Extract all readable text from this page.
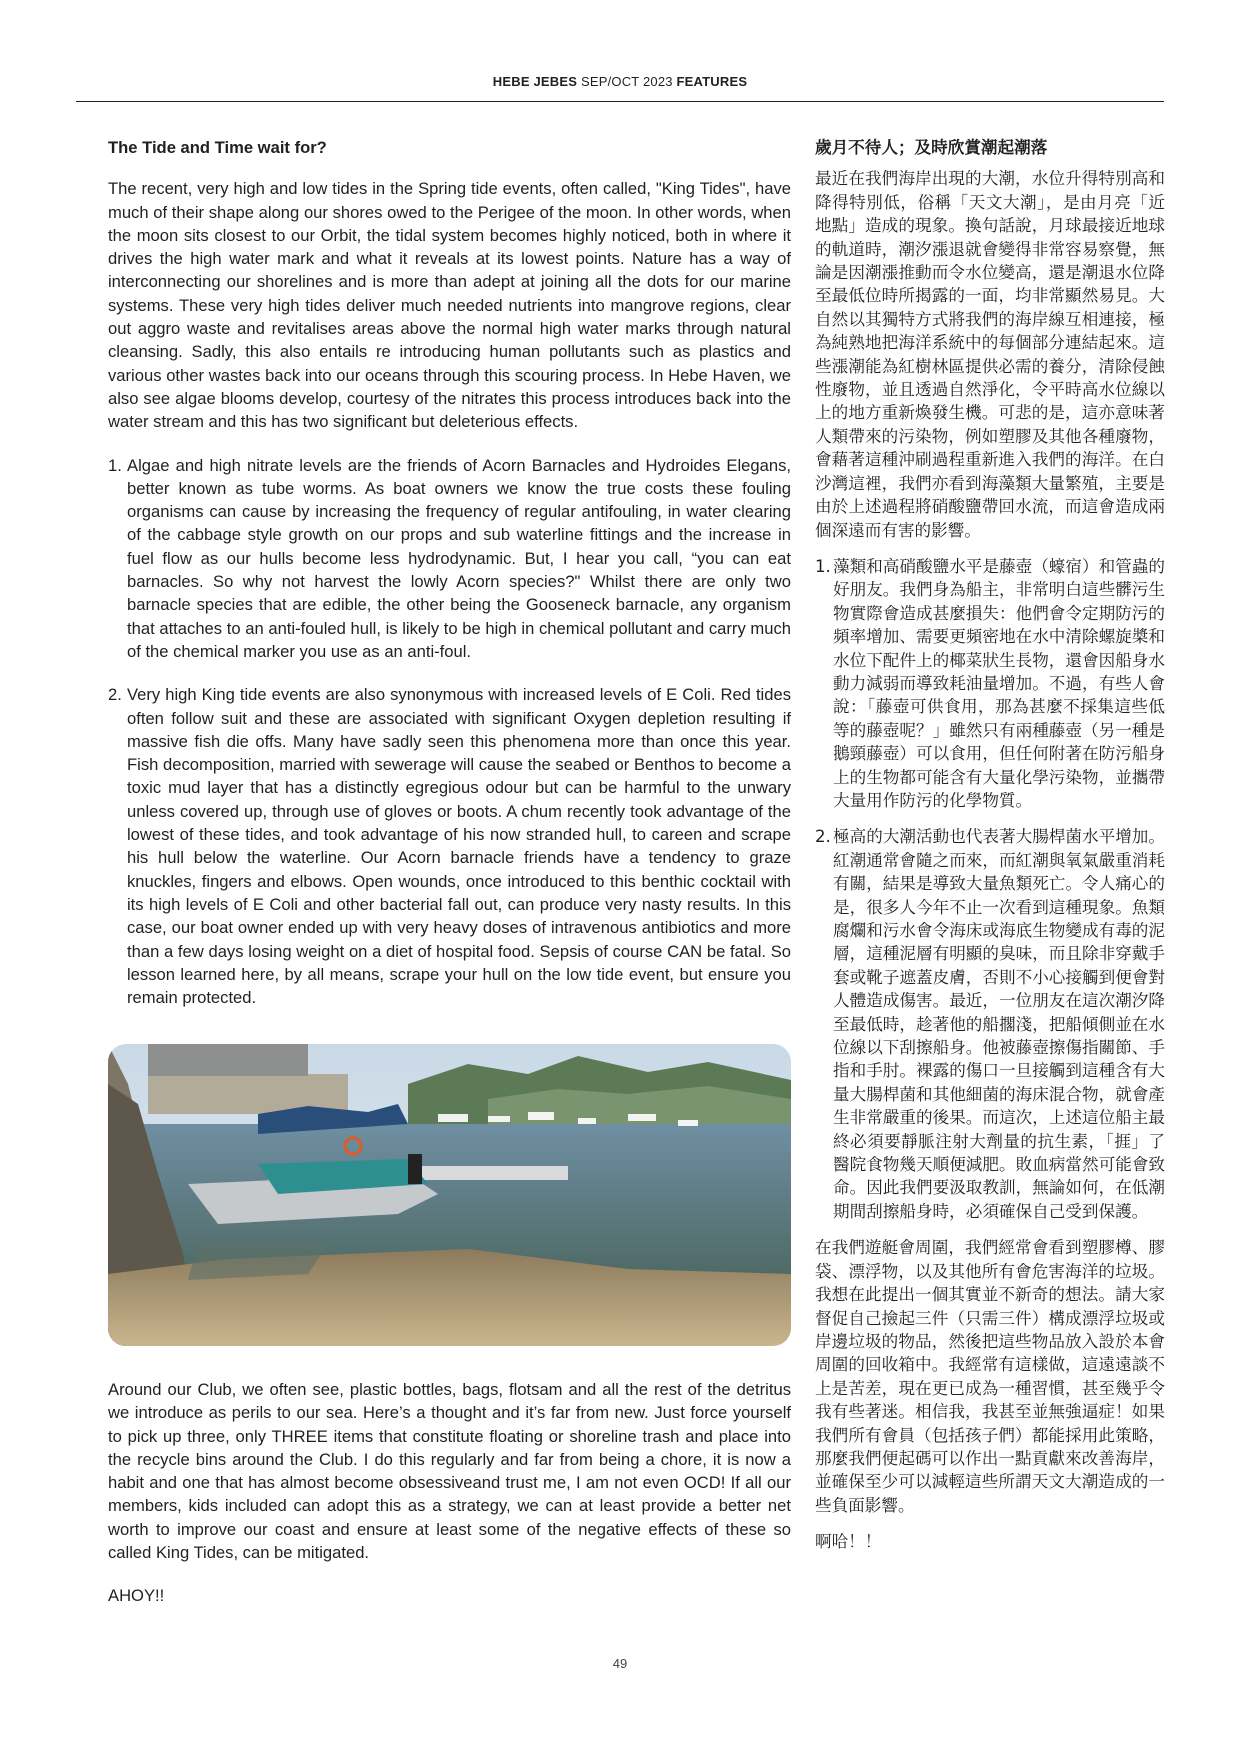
HEBE JEBES SEP/OCT 2023 FEATURES
The Tide and Time wait for?

The recent, very high and low tides in the Spring tide events, often called, "King Tides", have much of their shape along our shores owed to the Perigee of the moon. In other words, when the moon sits closest to our Orbit, the tidal system becomes highly noticed, both in where it drives the high water mark and what it reveals at its lowest points. Nature has a way of interconnecting our shorelines and is more than adept at joining all the dots for our marine systems. These very high tides deliver much needed nutrients into mangrove regions, clear out aggro waste and revitalises areas above the normal high water marks through natural cleansing. Sadly, this also entails re introducing human pollutants such as plastics and various other wastes back into our oceans through this scouring process. In Hebe Haven, we also see algae blooms develop, courtesy of the nitrates this process introduces back into the water stream and this has two significant but deleterious effects.

1. Algae and high nitrate levels are the friends of Acorn Barnacles and Hydroides Elegans, better known as tube worms. As boat owners we know the true costs these fouling organisms can cause by increasing the frequency of regular antifouling, in water clearing of the cabbage style growth on our props and sub waterline fittings and the increase in fuel flow as our hulls become less hydrodynamic. But, I hear you call, “you can eat barnacles. So why not harvest the lowly Acorn species?" Whilst there are only two barnacle species that are edible, the other being the Gooseneck barnacle, any organism that attaches to an anti-fouled hull, is likely to be high in chemical pollutant and carry much of the chemical marker you use as an anti-foul.
2. Very high King tide events are also synonymous with increased levels of E Coli. Red tides often follow suit and these are associated with significant Oxygen depletion resulting if massive fish die offs. Many have sadly seen this phenomena more than once this year. Fish decomposition, married with sewerage will cause the seabed or Benthos to become a toxic mud layer that has a distinctly egregious odour but can be harmful to the unwary unless covered up, through use of gloves or boots. A chum recently took advantage of the lowest of these tides, and took advantage of his now stranded hull, to careen and scrape his hull below the waterline. Our Acorn barnacle friends have a tendency to graze knuckles, fingers and elbows. Open wounds, once introduced to this benthic cocktail with its high levels of E Coli and other bacterial fall out, can produce very nasty results. In this case, our boat owner ended up with very heavy doses of intravenous antibiotics and more than a few days losing weight on a diet of hospital food. Sepsis of course CAN be fatal. So lesson learned here, by all means, scrape your hull on the low tide event, but ensure you remain protected.

Around our Club, we often see, plastic bottles, bags, flotsam and all the rest of the detritus we introduce as perils to our sea. Here’s a thought and it’s far from new. Just force yourself to pick up three, only THREE items that constitute floating or shoreline trash and place into the recycle bins around the Club. I do this regularly and far from being a chore, it is now a habit and one that has almost become obsessiveand trust me, I am not even OCD! If all our members, kids included can adopt this as a strategy, we can at least provide a better net worth to improve our coast and ensure at least some of the negative effects of these so called King Tides, can be mitigated.

AHOY!!

歲月不待人；及時欣賞潮起潮落

最近在我們海岸出現的大潮，水位升得特別高和降得特別低，俗稱「天文大潮」，是由月亮「近地點」造成的現象。換句話說，月球最接近地球的軌道時，潮汐漲退就會變得非常容易察覺，無論是因潮漲推動而令水位變高，還是潮退水位降至最低位時所揭露的一面，均非常顯然易見。大自然以其獨特方式將我們的海岸線互相連接，極為純熟地把海洋系統中的每個部分連結起來。這些漲潮能為紅樹林區提供必需的養分，清除侵蝕性廢物，並且透過自然淨化，令平時高水位線以上的地方重新煥發生機。可悲的是，這亦意味著人類帶來的污染物，例如塑膠及其他各種廢物，會藉著這種沖刷過程重新進入我們的海洋。在白沙灣這裡，我們亦看到海藻類大量繁殖，主要是由於上述過程將硝酸鹽帶回水流，而這會造成兩個深遠而有害的影響。

1. 藻類和高硝酸鹽水平是藤壺（蠔宿）和管蟲的好朋友。我們身為船主，非常明白這些髒污生物實際會造成甚麼損失：他們會令定期防污的頻率增加、需要更頻密地在水中清除螺旋槳和水位下配件上的椰菜狀生長物，還會因船身水動力減弱而導致耗油量增加。不過，有些人會說：「藤壺可供食用，那為甚麼不採集這些低等的藤壺呢？」雖然只有兩種藤壺（另一種是鵝頸藤壺）可以食用，但任何附著在防污船身上的生物都可能含有大量化學污染物，並攜帶大量用作防污的化學物質。
2. 極高的大潮活動也代表著大腸桿菌水平增加。紅潮通常會隨之而來，而紅潮與氧氣嚴重消耗有關，結果是導致大量魚類死亡。令人痛心的是，很多人今年不止一次看到這種現象。魚類腐爛和污水會令海床或海底生物變成有毒的泥層，這種泥層有明顯的臭味，而且除非穿戴手套或靴子遮蓋皮膚，否則不小心接觸到便會對人體造成傷害。最近，一位朋友在這次潮汐降至最低時，趁著他的船擱淺，把船傾側並在水位線以下刮擦船身。他被藤壺擦傷指關節、手指和手肘。裸露的傷口一旦接觸到這種含有大量大腸桿菌和其他細菌的海床混合物，就會產生非常嚴重的後果。而這次，上述這位船主最終必須要靜脈注射大劑量的抗生素，「捱」了醫院食物幾天順便減肥。敗血病當然可能會致命。因此我們要汲取教訓，無論如何，在低潮期間刮擦船身時，必須確保自己受到保護。

在我們遊艇會周圍，我們經常會看到塑膠樽、膠袋、漂浮物，以及其他所有會危害海洋的垃圾。我想在此提出一個其實並不新奇的想法。請大家督促自己撿起三件（只需三件）構成漂浮垃圾或岸邊垃圾的物品，然後把這些物品放入設於本會周圍的回收箱中。我經常有這樣做，這遠遠談不上是苦差，現在更已成為一種習慣，甚至幾乎令我有些著迷。相信我，我甚至並無強逼症！如果我們所有會員（包括孩子們）都能採用此策略，那麼我們便起碼可以作出一點貢獻來改善海岸，並確保至少可以減輕這些所謂天文大潮造成的一些負面影響。

啊哈！！

49
